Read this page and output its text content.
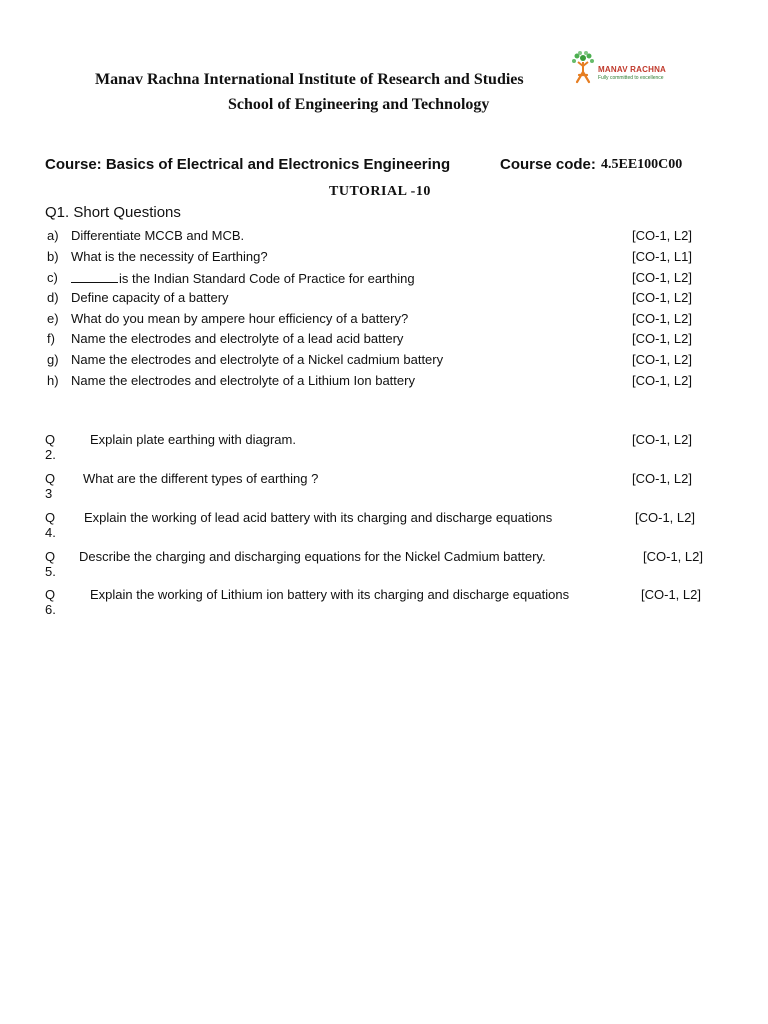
Manav Rachna International Institute of Research and Studies
School of Engineering and Technology
MANAV RACHNA
Fully committed to excellence
Course: Basics of Electrical and Electronics Engineering	Course code: 4.5EE100C00
TUTORIAL -10
Q1. Short Questions
a) Differentiate MCCB and MCB.	[CO-1, L2]
b) What is the necessity of Earthing?	[CO-1, L1]
c)	is the Indian Standard Code of Practice for earthing	[CO-1, L2]
d) Define capacity of a battery	[CO-1, L2]
e) What do you mean by ampere hour efficiency of a battery?	[CO-1, L2]
f) Name the electrodes and electrolyte of a lead acid battery	[CO-1, L2]
g) Name the electrodes and electrolyte of a Nickel cadmium battery	[CO-1, L2]
h) Name the electrodes and electrolyte of a Lithium Ion battery	[CO-1, L2]
Q 2.
Explain plate earthing with diagram.	[CO-1, L2]
Q 3
What are the different types of earthing ?	[CO-1, L2]
Q 4.
Explain the working of lead acid battery with its charging and discharge equations	[CO-1, L2]
Q 5.
Describe the charging and discharging equations for the Nickel Cadmium battery.	[CO-1, L2]
Q 6.
Explain the working of Lithium ion battery with its charging and discharge equations	[CO-1, L2]
